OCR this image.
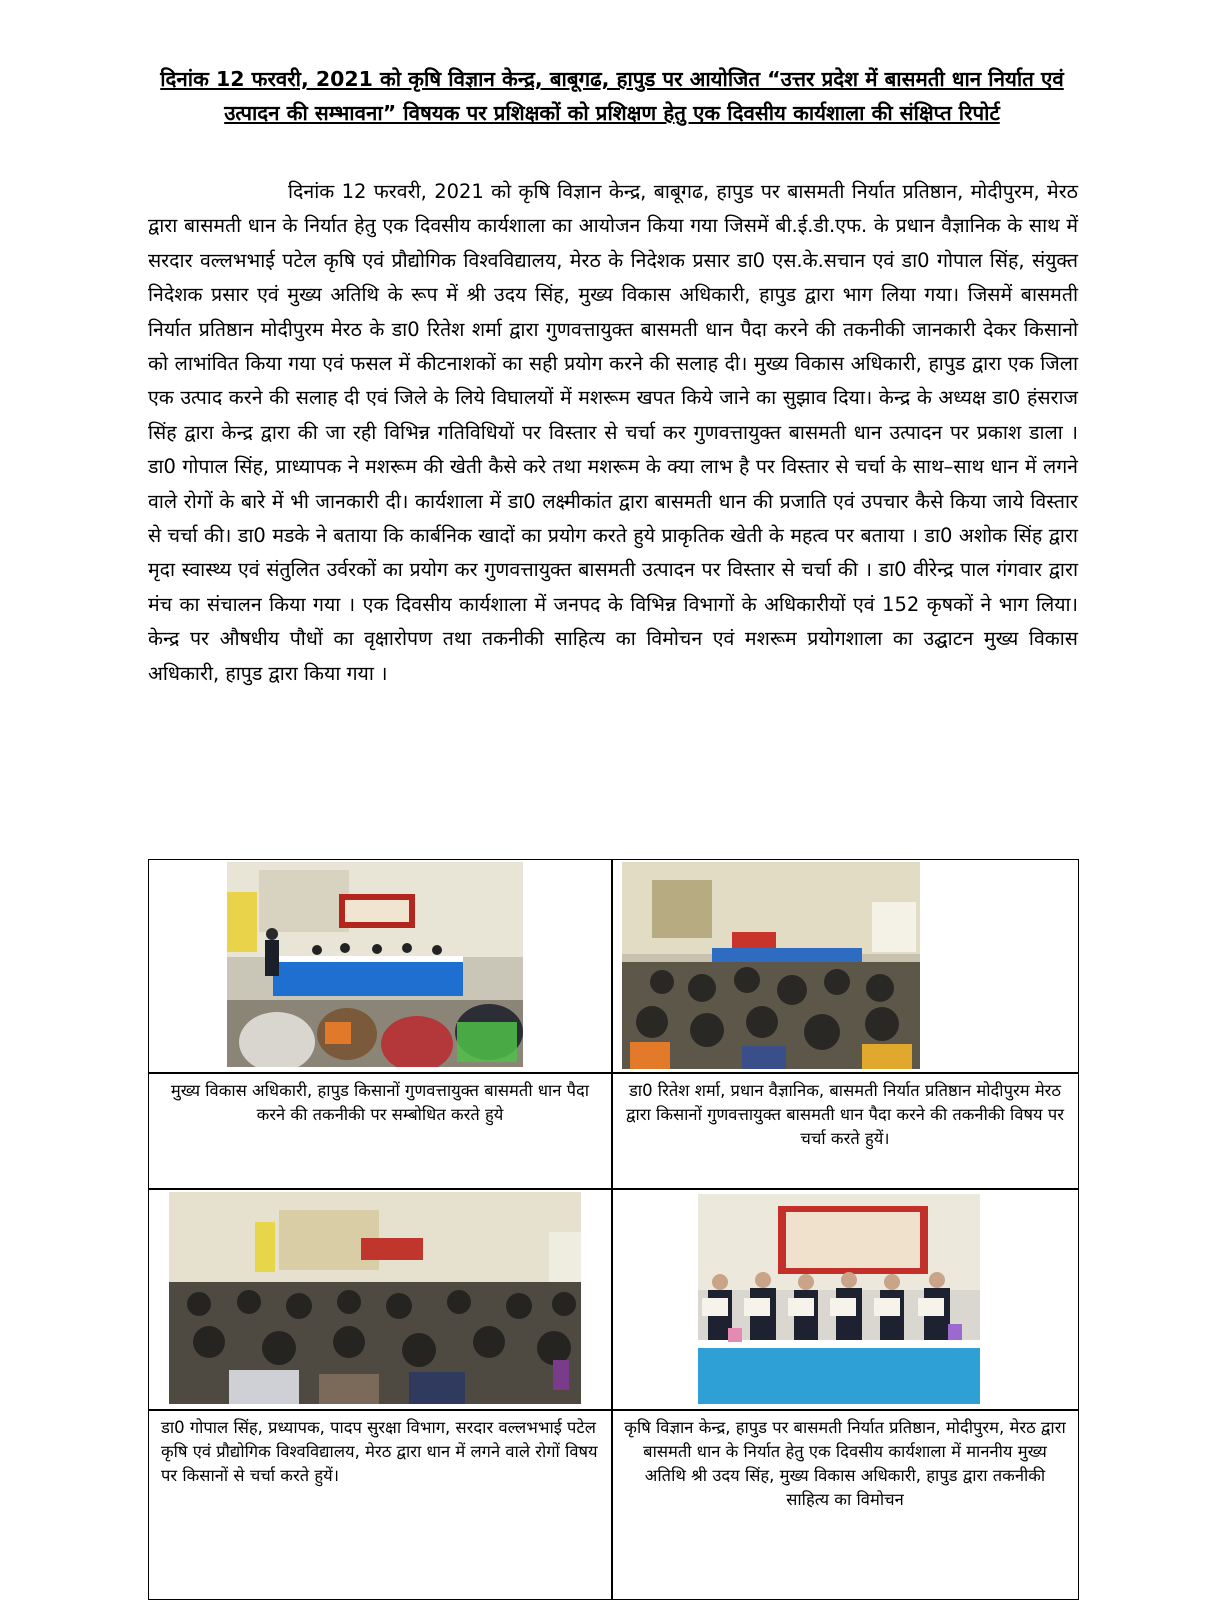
दिनांक 12 फरवरी, 2021 को कृषि विज्ञान केन्द्र, बाबूगढ, हापुड पर आयोजित “उत्तर प्रदेश में बासमती धान निर्यात एवं उत्पादन की सम्भावना” विषयक पर प्रशिक्षकों को प्रशिक्षण हेतु एक दिवसीय कार्यशाला की संक्षिप्त रिपोर्ट

दिनांक 12 फरवरी, 2021 को कृषि विज्ञान केन्द्र, बाबूगढ, हापुड पर बासमती निर्यात प्रतिष्ठान, मोदीपुरम, मेरठ द्वारा बासमती धान के निर्यात हेतु एक दिवसीय कार्यशाला का आयोजन किया गया जिसमें बी.ई.डी.एफ. के प्रधान वैज्ञानिक के साथ में सरदार वल्लभभाई पटेल कृषि एवं प्रौद्योगिक विश्वविद्यालय, मेरठ के निदेशक प्रसार डा0 एस.के.सचान एवं डा0 गोपाल सिंह, संयुक्त निदेशक प्रसार एवं मुख्य अतिथि के रूप में श्री उदय सिंह, मुख्य विकास अधिकारी, हापुड द्वारा भाग लिया गया। जिसमें बासमती निर्यात प्रतिष्ठान मोदीपुरम मेरठ के डा0 रितेश शर्मा द्वारा गुणवत्तायुक्त बासमती धान पैदा करने की तकनीकी जानकारी देकर किसानो को लाभांवित किया गया एवं फसल में कीटनाशकों का सही प्रयोग करने की सलाह दी। मुख्य विकास अधिकारी, हापुड द्वारा एक जिला एक उत्पाद करने की सलाह दी एवं जिले के लिये विघालयों में मशरूम खपत किये जाने का सुझाव दिया। केन्द्र के अध्यक्ष डा0 हंसराज सिंह द्वारा केन्द्र द्वारा की जा रही विभिन्न गतिविधियों पर विस्तार से चर्चा कर गुणवत्तायुक्त बासमती धान उत्पादन पर प्रकाश डाला । डा0 गोपाल सिंह, प्राध्यापक ने मशरूम की खेती कैसे करे तथा मशरूम के क्या लाभ है पर विस्तार से चर्चा के साथ–साथ धान में लगने वाले रोगों के बारे में भी जानकारी दी। कार्यशाला में डा0 लक्ष्मीकांत द्वारा बासमती धान की प्रजाति एवं उपचार कैसे किया जाये विस्तार से चर्चा की। डा0 मडके ने बताया कि कार्बनिक खादों का प्रयोग करते हुये प्राकृतिक खेती के महत्व पर बताया । डा0 अशोक सिंह द्वारा मृदा स्वास्थ्य एवं संतुलित उर्वरकों का प्रयोग कर गुणवत्तायुक्त बासमती उत्पादन पर विस्तार से चर्चा की । डा0 वीरेन्द्र पाल गंगवार द्वारा मंच का संचालन किया गया । एक दिवसीय कार्यशाला में जनपद के विभिन्न विभागों के अधिकारीयों एवं 152 कृषकों ने भाग लिया। केन्द्र पर औषधीय पौधों का वृक्षारोपण तथा तकनीकी साहित्य का विमोचन एवं मशरूम प्रयोगशाला का उद्घाटन मुख्य विकास अधिकारी, हापुड द्वारा किया गया ।

मुख्य विकास अधिकारी, हापुड किसानों गुणवत्तायुक्त बासमती धान पैदा करने की तकनीकी पर सम्बोधित करते हुये
डा0 रितेश शर्मा, प्रधान वैज्ञानिक, बासमती निर्यात प्रतिष्ठान मोदीपुरम मेरठ द्वारा किसानों गुणवत्तायुक्त बासमती धान पैदा करने की तकनीकी विषय पर चर्चा करते हुयें।
डा0 गोपाल सिंह, प्रध्यापक, पादप सुरक्षा विभाग, सरदार वल्लभभाई पटेल कृषि एवं प्रौद्योगिक विश्वविद्यालय, मेरठ द्वारा धान में लगने वाले रोगों विषय पर किसानों से चर्चा करते हुयें।
कृषि विज्ञान केन्द्र, हापुड पर बासमती निर्यात प्रतिष्ठान, मोदीपुरम, मेरठ द्वारा बासमती धान के निर्यात हेतु एक दिवसीय कार्यशाला में माननीय मुख्य अतिथि श्री उदय सिंह, मुख्य विकास अधिकारी, हापुड द्वारा तकनीकी साहित्य का विमोचन
